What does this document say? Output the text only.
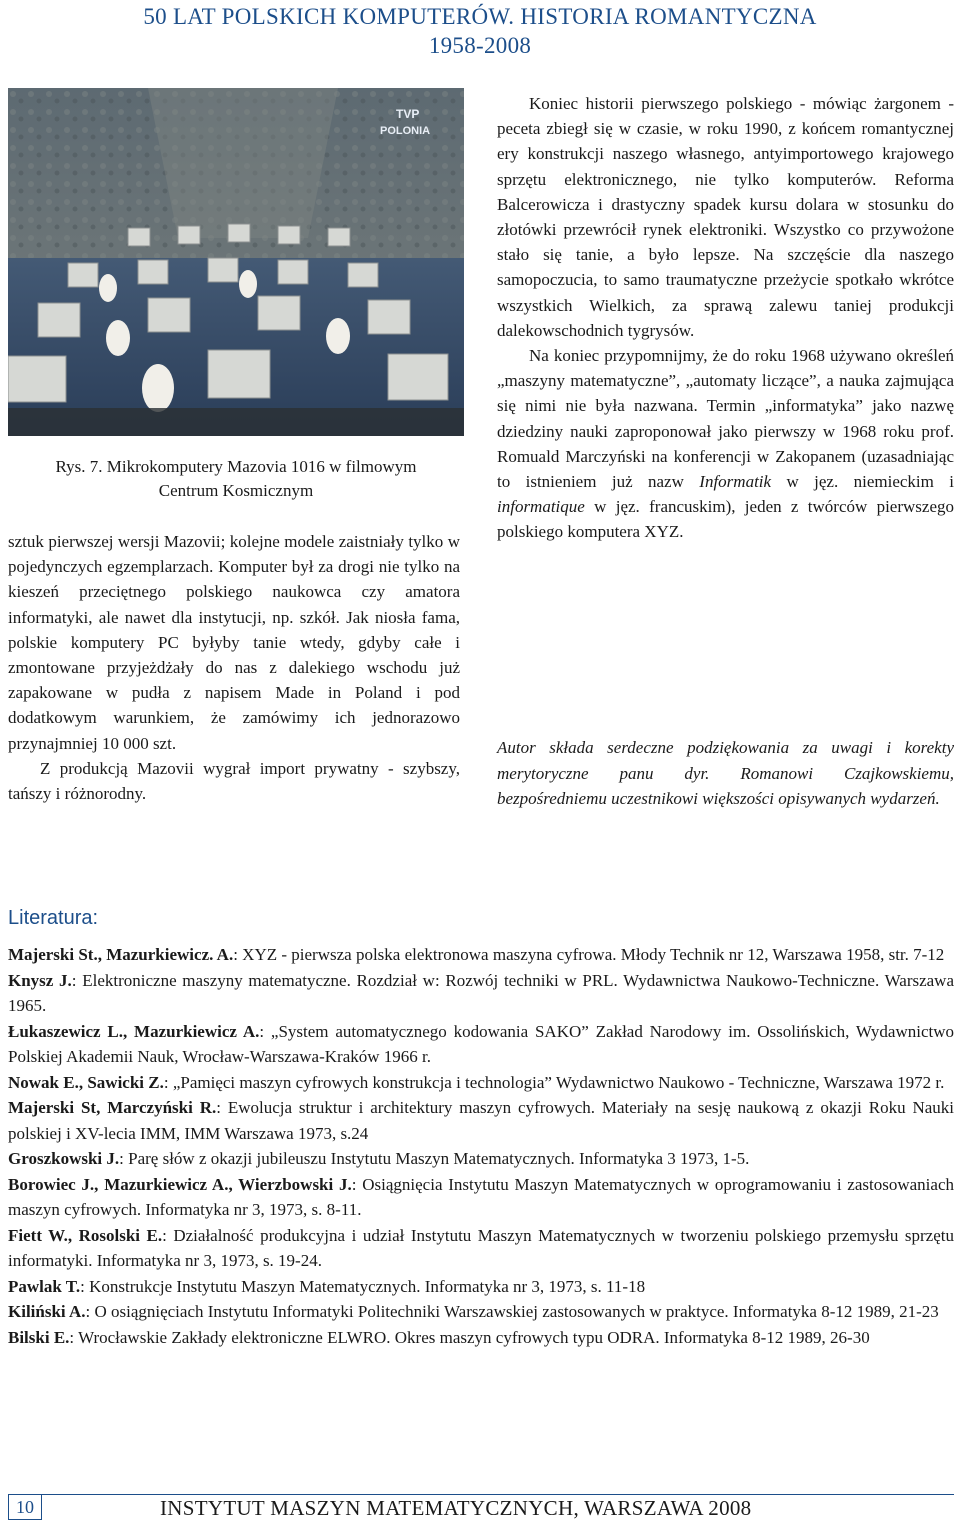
50 LAT POLSKICH KOMPUTERÓW. HISTORIA ROMANTYCZNA
1958-2008
TVP
POLONIA
Rys. 7. Mikrokomputery Mazovia 1016 w filmowym
Centrum Kosmicznym

sztuk pierwszej wersji Mazovii; kolejne modele zaistniały tylko w pojedynczych egzemplarzach. Komputer był za drogi nie tylko na kieszeń przeciętnego polskiego naukowca czy amatora informatyki, ale nawet dla instytucji, np. szkół. Jak niosła fama, polskie komputery PC byłyby tanie wtedy, gdyby całe i zmontowane przyjeżdżały do nas z dalekiego wschodu już zapakowane w pudła z napisem Made in Poland i pod dodatkowym warunkiem, że zamówimy ich jednorazowo przynajmniej 10 000 szt.

Z produkcją Mazovii wygrał import prywatny - szybszy, tańszy i różnorodny.

Koniec historii pierwszego polskiego - mówiąc żargonem - peceta zbiegł się w czasie, w roku 1990, z końcem romantycznej ery konstrukcji naszego własnego, antyimportowego krajowego sprzętu elektronicznego, nie tylko komputerów. Reforma Balcerowicza i drastyczny spadek kursu dolara w stosunku do złotówki przewrócił rynek elektroniki. Wszystko co przywożone stało się tanie, a było lepsze. Na szczęście dla naszego samopoczucia, to samo traumatyczne przeżycie spotkało wkrótce wszystkich Wielkich, za sprawą zalewu taniej produkcji dalekowschodnich tygrysów.

Na koniec przypomnijmy, że do roku 1968 używano określeń „maszyny matematyczne”, „automaty liczące”, a nauka zajmująca się nimi nie była nazwana. Termin „informatyka” jako nazwę dziedziny nauki zaproponował jako pierwszy w 1968 roku prof. Romuald Marczyński na konferencji w Zakopanem (uzasadniając to istnieniem już nazw Informatik w jęz. niemieckim i informatique w jęz. francuskim), jeden z twórców pierwszego polskiego komputera XYZ.

Autor składa serdeczne podziękowania za uwagi i korekty merytoryczne panu dyr. Romanowi Czajkowskiemu, bezpośredniemu uczestnikowi większości opisywanych wydarzeń.
Literatura:

Majerski St., Mazurkiewicz. A.: XYZ - pierwsza polska elektronowa maszyna cyfrowa. Młody Technik nr 12, Warszawa 1958, str. 7-12

Knysz J.: Elektroniczne maszyny matematyczne. Rozdział w: Rozwój techniki w PRL. Wydawnictwa Naukowo-Techniczne. Warszawa 1965.

Łukaszewicz L., Mazurkiewicz A.: „System automatycznego kodowania SAKO” Zakład Narodowy im. Ossolińskich, Wydawnictwo Polskiej Akademii Nauk, Wrocław-Warszawa-Kraków 1966 r.

Nowak E., Sawicki Z.: „Pamięci maszyn cyfrowych konstrukcja i technologia” Wydawnictwo Naukowo - Techniczne, Warszawa 1972 r.

Majerski St, Marczyński R.: Ewolucja struktur i architektury maszyn cyfrowych. Materiały na sesję naukową z okazji Roku Nauki polskiej i XV-lecia IMM, IMM Warszawa 1973, s.24

Groszkowski J.: Parę słów z okazji jubileuszu Instytutu Maszyn Matematycznych. Informatyka 3 1973, 1-5.

Borowiec J., Mazurkiewicz A., Wierzbowski J.: Osiągnięcia Instytutu Maszyn Matematycznych w oprogramowaniu i zastosowaniach maszyn cyfrowych. Informatyka nr 3, 1973, s. 8-11.

Fiett W., Rosolski E.: Działalność produkcyjna i udział Instytutu Maszyn Matematycznych w tworzeniu polskiego przemysłu sprzętu informatyki. Informatyka nr 3, 1973, s. 19-24.

Pawlak T.: Konstrukcje Instytutu Maszyn Matematycznych. Informatyka nr 3, 1973, s. 11-18

Kiliński A.: O osiągnięciach Instytutu Informatyki Politechniki Warszawskiej zastosowanych w praktyce. Informatyka 8-12 1989, 21-23

Bilski E.: Wrocławskie Zakłady elektroniczne ELWRO. Okres maszyn cyfrowych typu ODRA. Informatyka 8-12 1989, 26-30

10	INSTYTUT MASZYN MATEMATYCZNYCH, WARSZAWA 2008
